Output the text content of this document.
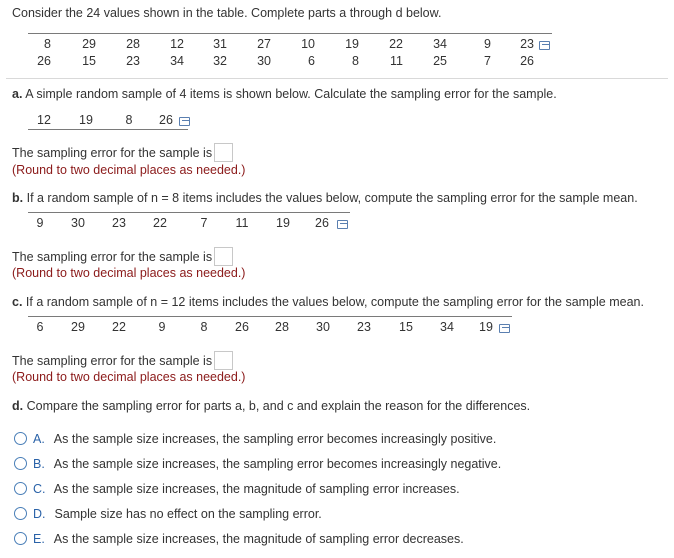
Consider the 24 values shown in the table. Complete parts a through d below.
8	29	28	12	31	27	10	19	22	34	9	23
26	15	23	34	32	30	6	8	11	25	7	26
a. A simple random sample of 4 items is shown below. Calculate the sampling error for the sample.
12	19	8	26
The sampling error for the sample is
(Round to two decimal places as needed.)
b. If a random sample of n = 8 items includes the values below, compute the sampling error for the sample mean.
9	30	23	22	7	11	19	26
The sampling error for the sample is
(Round to two decimal places as needed.)
c. If a random sample of n = 12 items includes the values below, compute the sampling error for the sample mean.
6	29	22	9	8	26	28	30	23	15	34	19
The sampling error for the sample is
(Round to two decimal places as needed.)
d. Compare the sampling error for parts a, b, and c and explain the reason for the differences.
A. As the sample size increases, the sampling error becomes increasingly positive.
B. As the sample size increases, the sampling error becomes increasingly negative.
C. As the sample size increases, the magnitude of sampling error increases.
D. Sample size has no effect on the sampling error.
E. As the sample size increases, the magnitude of sampling error decreases.
